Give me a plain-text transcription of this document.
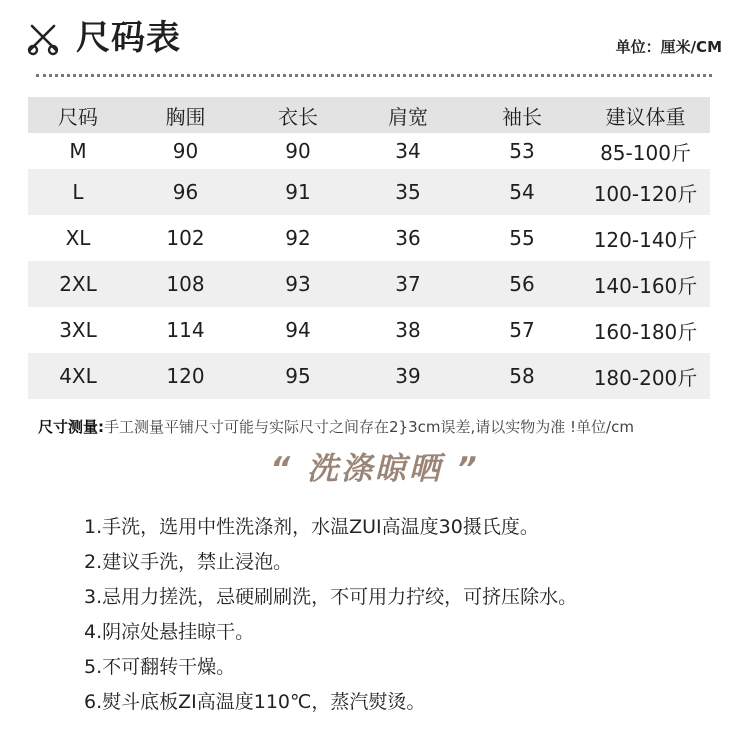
尺码表	单位：厘米/CM
尺码	胸围	衣长	肩宽	袖长	建议体重
M	90	90	34	53	85-100斤
L	96	91	35	54	100-120斤
XL	102	92	36	55	120-140斤
2XL	108	93	37	56	140-160斤
3XL	114	94	38	57	160-180斤
4XL	120	95	39	58	180-200斤
尺寸测量:手工测量平铺尺寸可能与实际尺寸之间存在2}3cm误差,请以实物为准 !单位/cm
“ 洗涤晾晒 ”
1.手洗，选用中性洗涤剂，水温ZUI高温度30摄氏度。
2.建议手洗，禁止浸泡。
3.忌用力搓洗，忌硬刷刷洗，不可用力拧绞，可挤压除水。
4.阴凉处悬挂晾干。
5.不可翻转干燥。
6.熨斗底板ZI高温度110℃，蒸汽熨烫。
